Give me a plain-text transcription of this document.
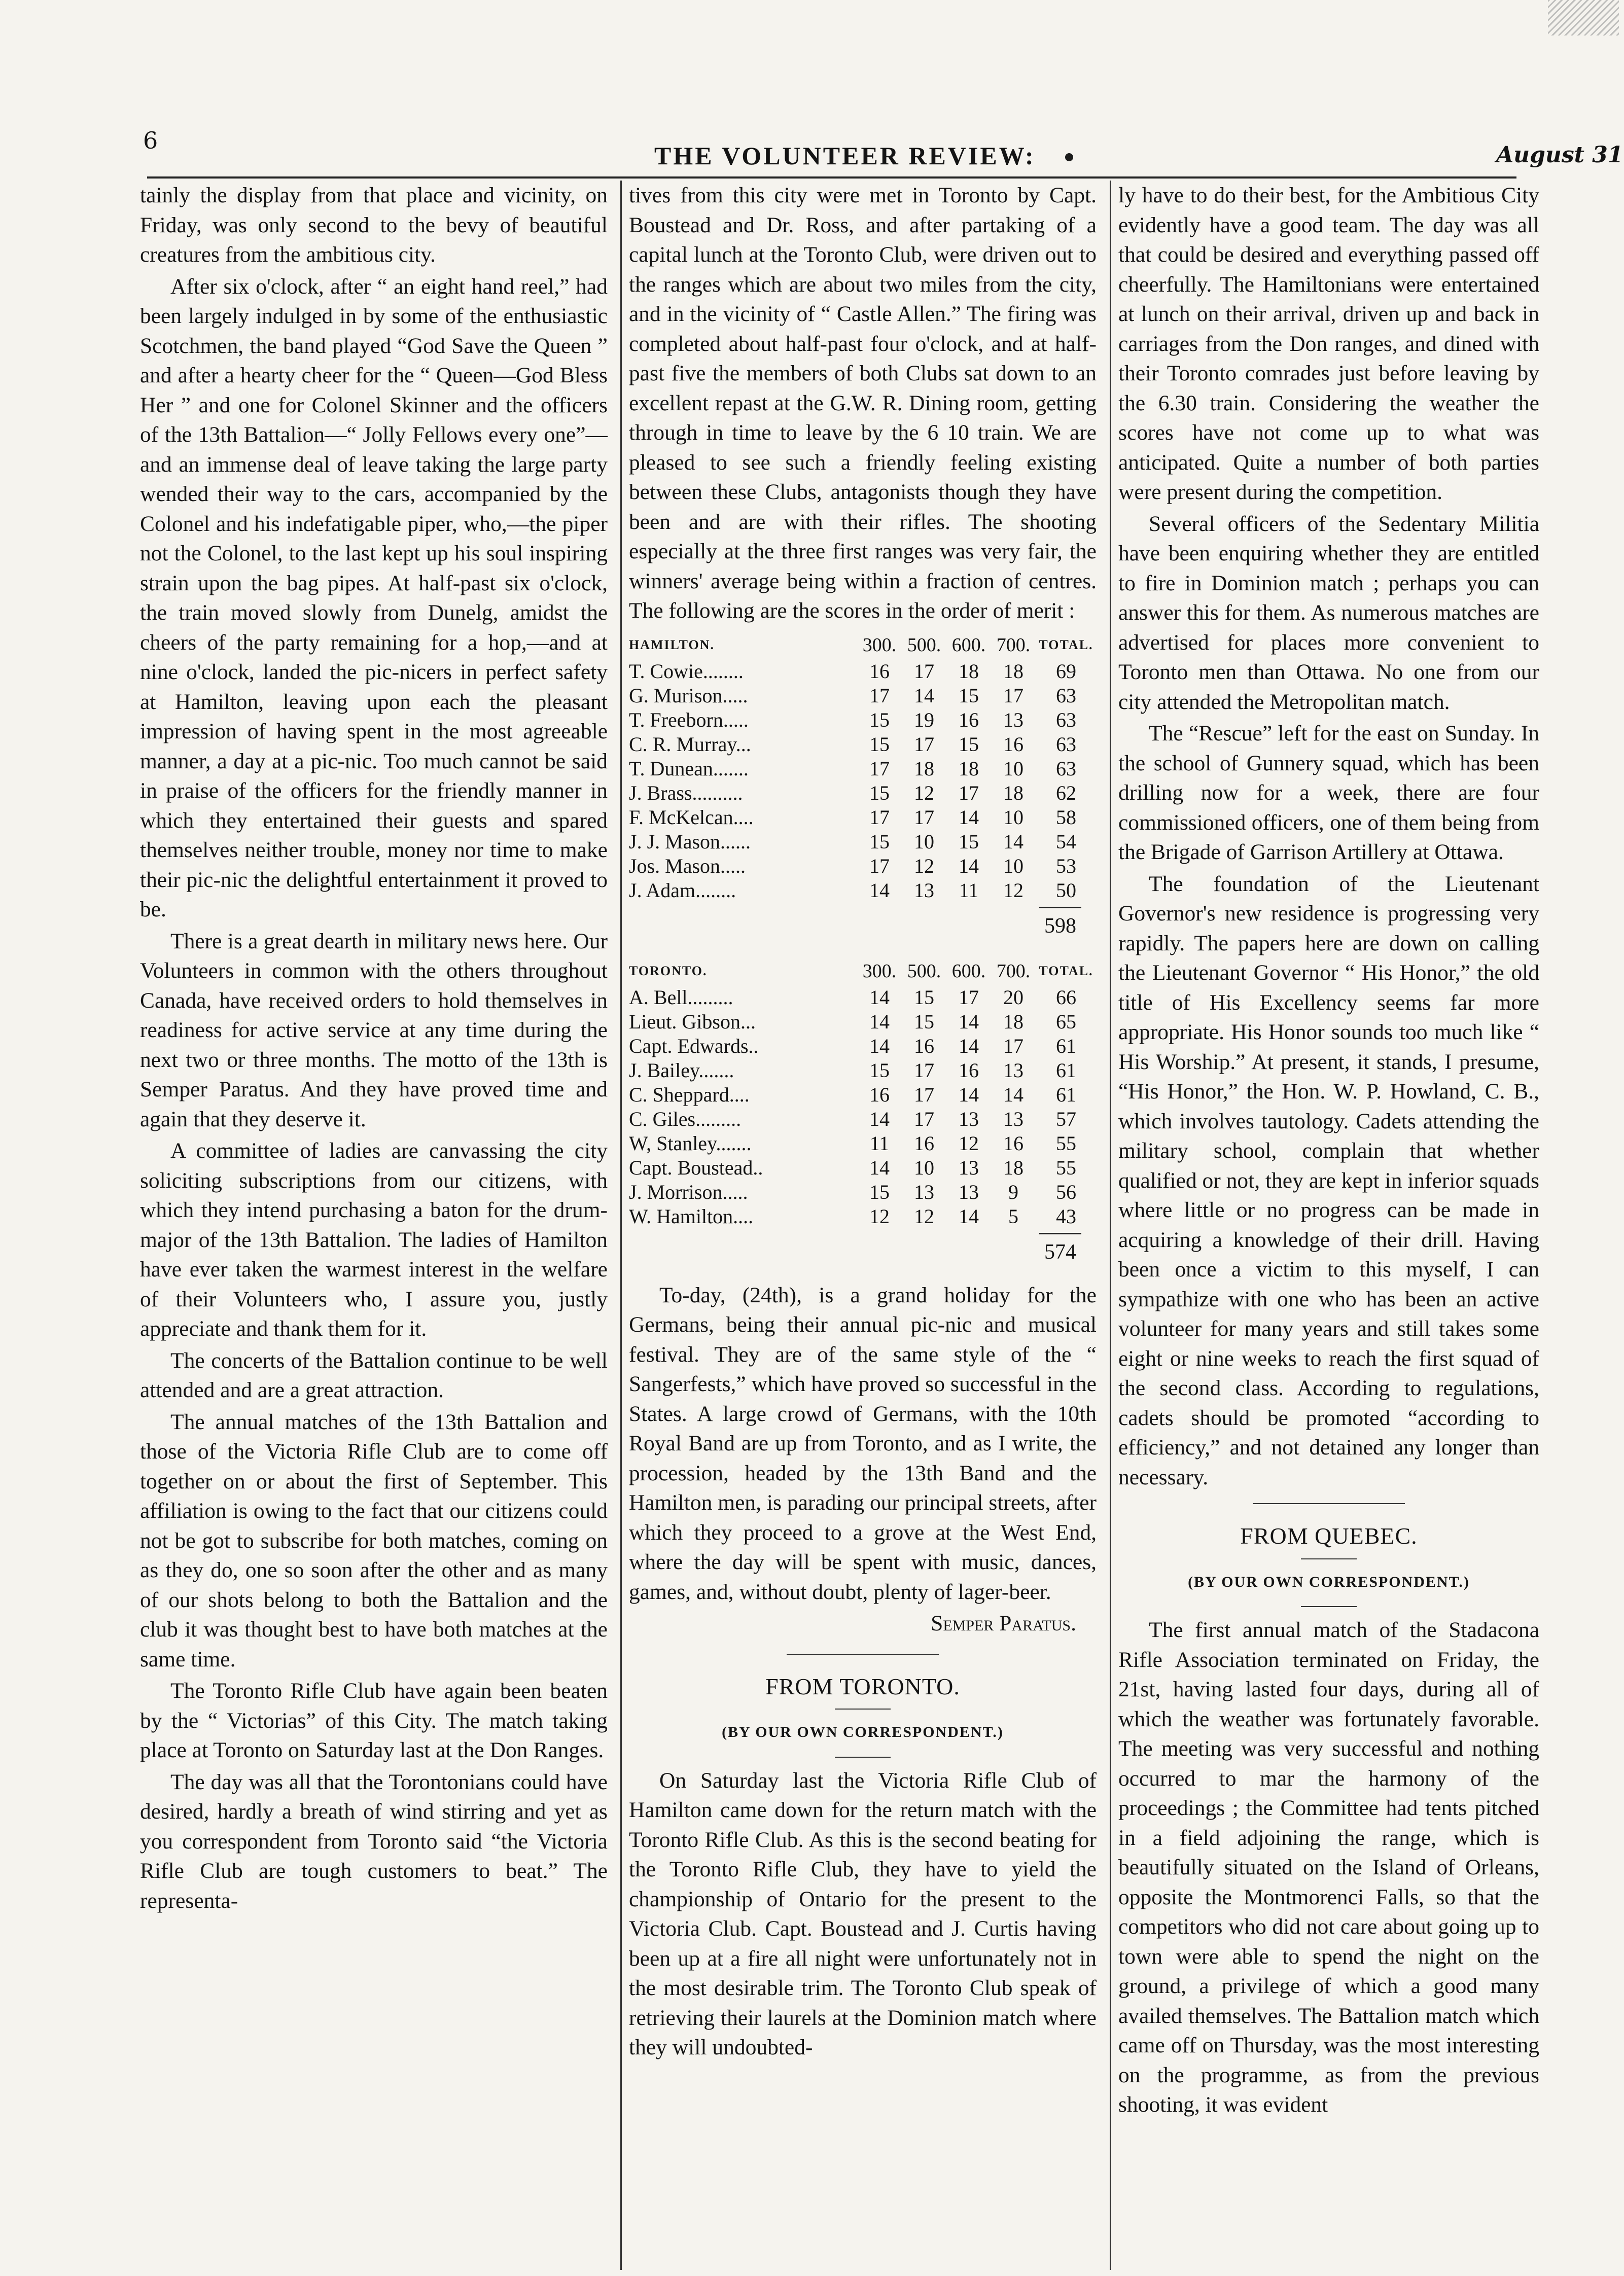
6
THE VOLUNTEER REVIEW:	August 31

tainly the display from that place and vicinity, on Friday, was only second to the bevy of beautiful creatures from the ambitious city.

After six o'clock, after “ an eight hand reel,” had been largely indulged in by some of the enthusiastic Scotchmen, the band played “God Save the Queen ” and after a hearty cheer for the “ Queen—God Bless Her ” and one for Colonel Skinner and the officers of the 13th Battalion—“ Jolly Fellows every one”—and an immense deal of leave taking the large party wended their way to the cars, accompanied by the Colonel and his indefatigable piper, who,—the piper not the Colonel, to the last kept up his soul inspiring strain upon the bag pipes. At half-past six o'clock, the train moved slowly from Dunelg, amidst the cheers of the party remaining for a hop,—and at nine o'clock, landed the pic-nicers in perfect safety at Hamilton, leaving upon each the pleasant impression of having spent in the most agreeable manner, a day at a pic-nic. Too much cannot be said in praise of the officers for the friendly manner in which they entertained their guests and spared themselves neither trouble, money nor time to make their pic-nic the delightful entertainment it proved to be.

There is a great dearth in military news here. Our Volunteers in common with the others throughout Canada, have received orders to hold themselves in readiness for active service at any time during the next two or three months. The motto of the 13th is Semper Paratus. And they have proved time and again that they deserve it.

A committee of ladies are canvassing the city soliciting subscriptions from our citizens, with which they intend purchasing a baton for the drum-major of the 13th Battalion. The ladies of Hamilton have ever taken the warmest interest in the welfare of their Volunteers who, I assure you, justly appreciate and thank them for it.

The concerts of the Battalion continue to be well attended and are a great attraction.

The annual matches of the 13th Battalion and those of the Victoria Rifle Club are to come off together on or about the first of September. This affiliation is owing to the fact that our citizens could not be got to subscribe for both matches, coming on as they do, one so soon after the other and as many of our shots belong to both the Battalion and the club it was thought best to have both matches at the same time.

The Toronto Rifle Club have again been beaten by the “ Victorias” of this City. The match taking place at Toronto on Saturday last at the Don Ranges.

The day was all that the Torontonians could have desired, hardly a breath of wind stirring and yet as you correspondent from Toronto said “the Victoria Rifle Club are tough customers to beat.” The representa-

tives from this city were met in Toronto by Capt. Boustead and Dr. Ross, and after partaking of a capital lunch at the Toronto Club, were driven out to the ranges which are about two miles from the city, and in the vicinity of “ Castle Allen.” The firing was completed about half-past four o'clock, and at half-past five the members of both Clubs sat down to an excellent repast at the G.W. R. Dining room, getting through in time to leave by the 6 10 train. We are pleased to see such a friendly feeling existing between these Clubs, antagonists though they have been and are with their rifles. The shooting especially at the three first ranges was very fair, the winners' average being within a fraction of centres. The following are the scores in the order of merit :

HAMILTON.	300.	500.	600.	700.	TOTAL.
T. Cowie........	16	17	18	18	69
G. Murison.....	17	14	15	17	63
T. Freeborn.....	15	19	16	13	63
C. R. Murray...	15	17	15	16	63
T. Dunean.......	17	18	18	10	63
J. Brass..........	15	12	17	18	62
F. McKelcan....	17	17	14	10	58
J. J. Mason......	15	10	15	14	54
Jos. Mason.....	17	12	14	10	53
J. Adam........	14	13	11	12	50
598
TORONTO.	300.	500.	600.	700.	TOTAL.
A. Bell.........	14	15	17	20	66
Lieut. Gibson...	14	15	14	18	65
Capt. Edwards..	14	16	14	17	61
J. Bailey.......	15	17	16	13	61
C. Sheppard....	16	17	14	14	61
C. Giles.........	14	17	13	13	57
W, Stanley.......	11	16	12	16	55
Capt. Boustead..	14	10	13	18	55
J. Morrison.....	15	13	13	9	56
W. Hamilton....	12	12	14	5	43
574

To-day, (24th), is a grand holiday for the Germans, being their annual pic-nic and musical festival. They are of the same style of the “ Sangerfests,” which have proved so successful in the States. A large crowd of Germans, with the 10th Royal Band are up from Toronto, and as I write, the procession, headed by the 13th Band and the Hamilton men, is parading our principal streets, after which they proceed to a grove at the West End, where the day will be spent with music, dances, games, and, without doubt, plenty of lager-beer.

Semper Paratus.

FROM TORONTO.
(BY OUR OWN CORRESPONDENT.)

On Saturday last the Victoria Rifle Club of Hamilton came down for the return match with the Toronto Rifle Club. As this is the second beating for the Toronto Rifle Club, they have to yield the championship of Ontario for the present to the Victoria Club. Capt. Boustead and J. Curtis having been up at a fire all night were unfortunately not in the most desirable trim. The Toronto Club speak of retrieving their laurels at the Dominion match where they will undoubted-

ly have to do their best, for the Ambitious City evidently have a good team. The day was all that could be desired and everything passed off cheerfully. The Hamiltonians were entertained at lunch on their arrival, driven up and back in carriages from the Don ranges, and dined with their Toronto comrades just before leaving by the 6.30 train. Considering the weather the scores have not come up to what was anticipated. Quite a number of both parties were present during the competition.

Several officers of the Sedentary Militia have been enquiring whether they are entitled to fire in Dominion match ; perhaps you can answer this for them. As numerous matches are advertised for places more convenient to Toronto men than Ottawa. No one from our city attended the Metropolitan match.

The “Rescue” left for the east on Sunday. In the school of Gunnery squad, which has been drilling now for a week, there are four commissioned officers, one of them being from the Brigade of Garrison Artillery at Ottawa.

The foundation of the Lieutenant Governor's new residence is progressing very rapidly. The papers here are down on calling the Lieutenant Governor “ His Honor,” the old title of His Excellency seems far more appropriate. His Honor sounds too much like “ His Worship.” At present, it stands, I presume, “His Honor,” the Hon. W. P. Howland, C. B., which involves tautology. Cadets attending the military school, complain that whether qualified or not, they are kept in inferior squads where little or no progress can be made in acquiring a knowledge of their drill. Having been once a victim to this myself, I can sympathize with one who has been an active volunteer for many years and still takes some eight or nine weeks to reach the first squad of the second class. According to regulations, cadets should be promoted “according to efficiency,” and not detained any longer than necessary.

FROM QUEBEC.
(BY OUR OWN CORRESPONDENT.)

The first annual match of the Stadacona Rifle Association terminated on Friday, the 21st, having lasted four days, during all of which the weather was fortunately favorable. The meeting was very successful and nothing occurred to mar the harmony of the proceedings ; the Committee had tents pitched in a field adjoining the range, which is beautifully situated on the Island of Orleans, opposite the Montmorenci Falls, so that the competitors who did not care about going up to town were able to spend the night on the ground, a privilege of which a good many availed themselves. The Battalion match which came off on Thursday, was the most interesting on the programme, as from the previous shooting, it was evident
